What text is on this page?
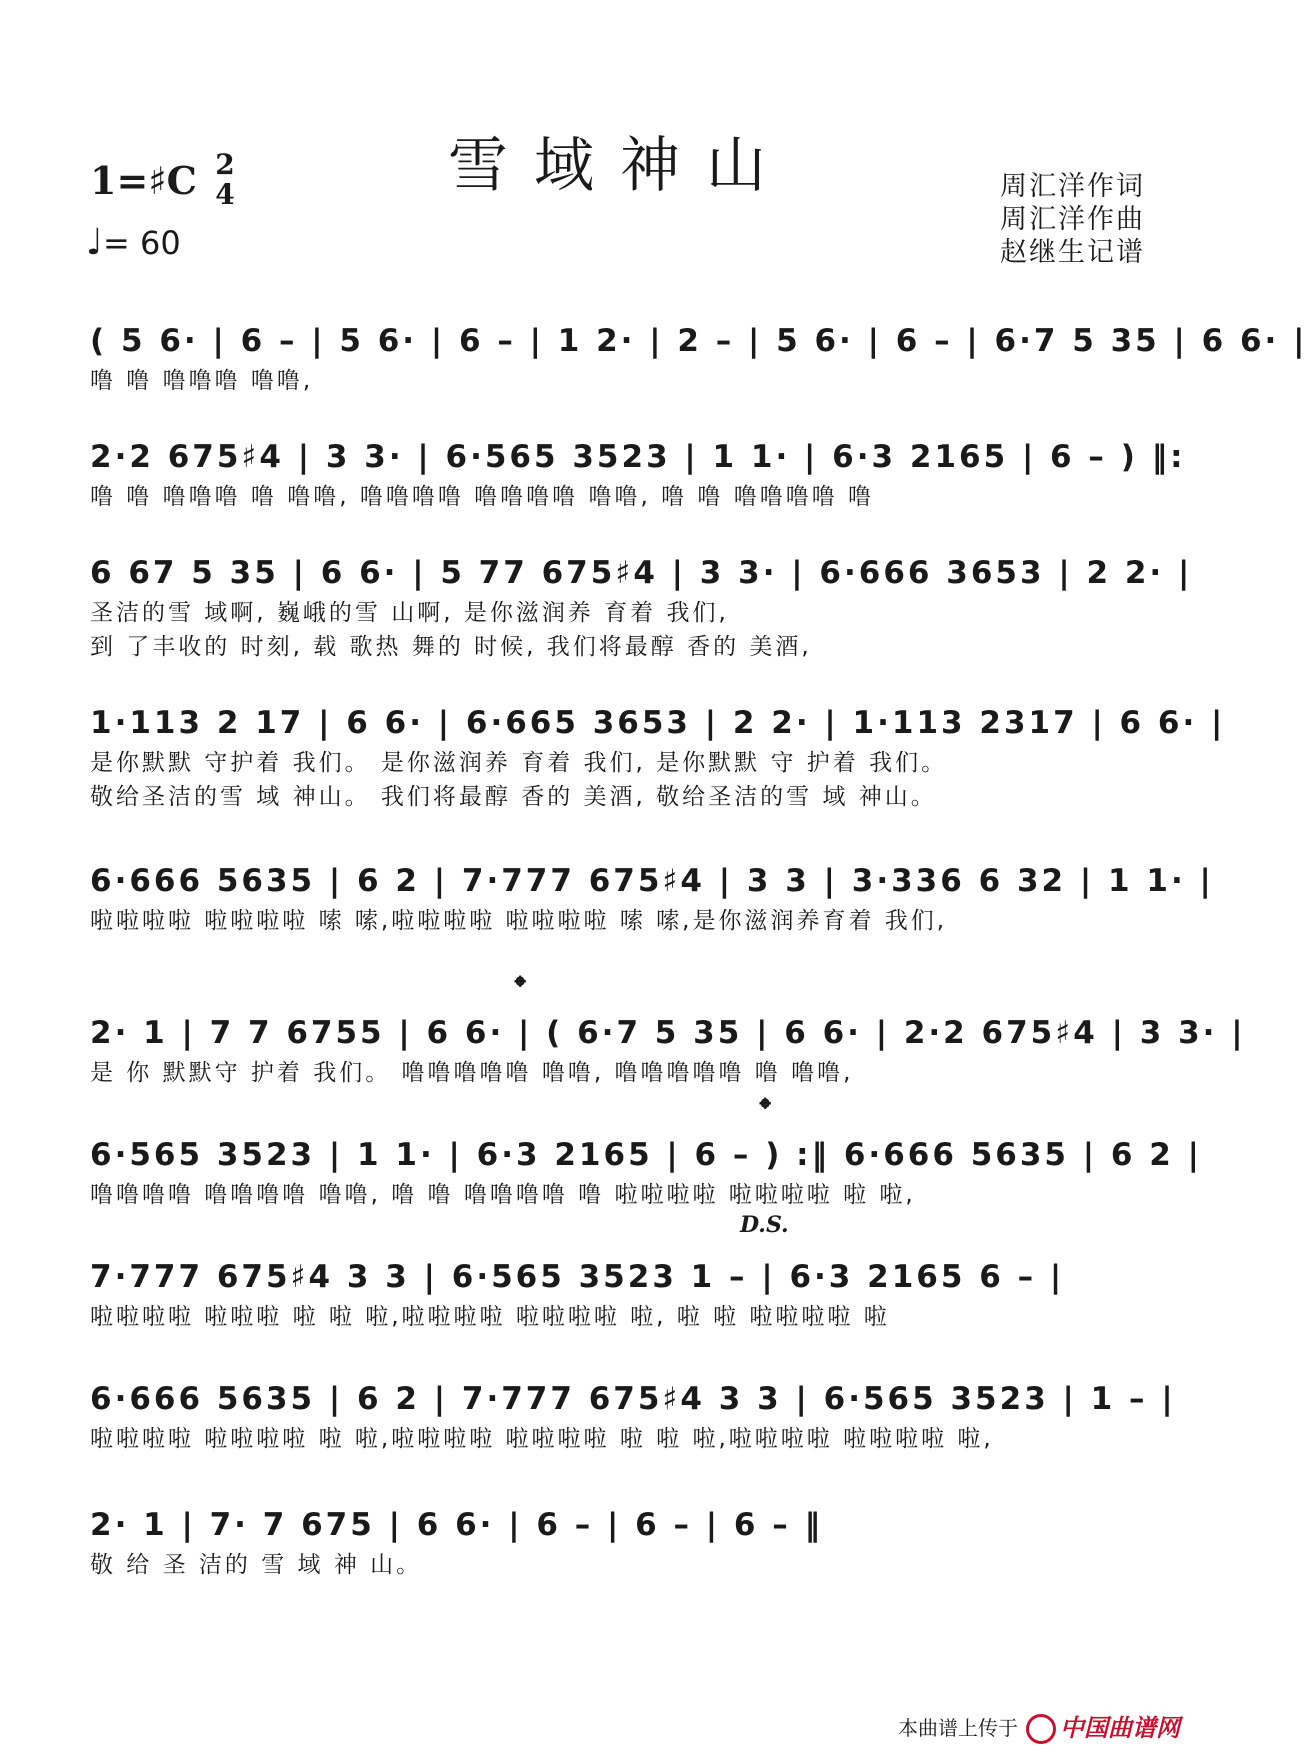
雪域神山
1=♯C 2
4
♩= 60
周汇洋作词
周汇洋作曲
赵继生记谱
( 5 6· | 6 – | 5 6· | 6 – | 1 2· | 2 – | 5 6· | 6 – | 6·7 5 35 | 6 6· |
噜 噜 噜噜噜 噜噜,
2·2 675♯4 | 3 3· | 6·565 3523 | 1 1· | 6·3 2165 | 6 – ) ‖:
噜 噜 噜噜噜 噜 噜噜, 噜噜噜噜 噜噜噜噜 噜噜, 噜 噜 噜噜噜噜 噜
6 67 5 35 | 6 6· | 5 77 675♯4 | 3 3· | 6·666 3653 | 2 2· |
圣洁的雪 域啊, 巍峨的雪 山啊, 是你滋润养 育着 我们,
到 了丰收的 时刻, 载 歌热 舞的 时候, 我们将最醇 香的 美酒,
1·113 2 17 | 6 6· | 6·665 3653 | 2 2· | 1·113 2317 | 6 6· |
是你默默 守护着 我们。 是你滋润养 育着 我们, 是你默默 守 护着 我们。
敬给圣洁的雪 域 神山。 我们将最醇 香的 美酒, 敬给圣洁的雪 域 神山。
6·666 5635 | 6 2 | 7·777 675♯4 | 3 3 | 3·336 6 32 | 1 1· |
啦啦啦啦 啦啦啦啦 嗦 嗦,啦啦啦啦 啦啦啦啦 嗦 嗦,是你滋润养育着 我们,
𝄌
2· 1 | 7 7 6755 | 6 6· | ( 6·7 5 35 | 6 6· | 2·2 675♯4 | 3 3· |
是 你 默默守 护着 我们。 噜噜噜噜噜 噜噜, 噜噜噜噜噜 噜 噜噜,
𝄌
6·565 3523 | 1 1· | 6·3 2165 | 6 – ) :‖ 6·666 5635 | 6 2 |
噜噜噜噜 噜噜噜噜 噜噜, 噜 噜 噜噜噜噜 噜 啦啦啦啦 啦啦啦啦 啦 啦,
D.S.
7·777 675♯4 3 3 | 6·565 3523 1 – | 6·3 2165 6 – |
啦啦啦啦 啦啦啦 啦 啦 啦,啦啦啦啦 啦啦啦啦 啦, 啦 啦 啦啦啦啦 啦
6·666 5635 | 6 2 | 7·777 675♯4 3 3 | 6·565 3523 | 1 – |
啦啦啦啦 啦啦啦啦 啦 啦,啦啦啦啦 啦啦啦啦 啦 啦 啦,啦啦啦啦 啦啦啦啦 啦,
2· 1 | 7· 7 675 | 6 6· | 6 – | 6 – | 6 – ‖
敬 给 圣 洁的 雪 域 神 山。
本曲谱上传于	中国曲谱网
